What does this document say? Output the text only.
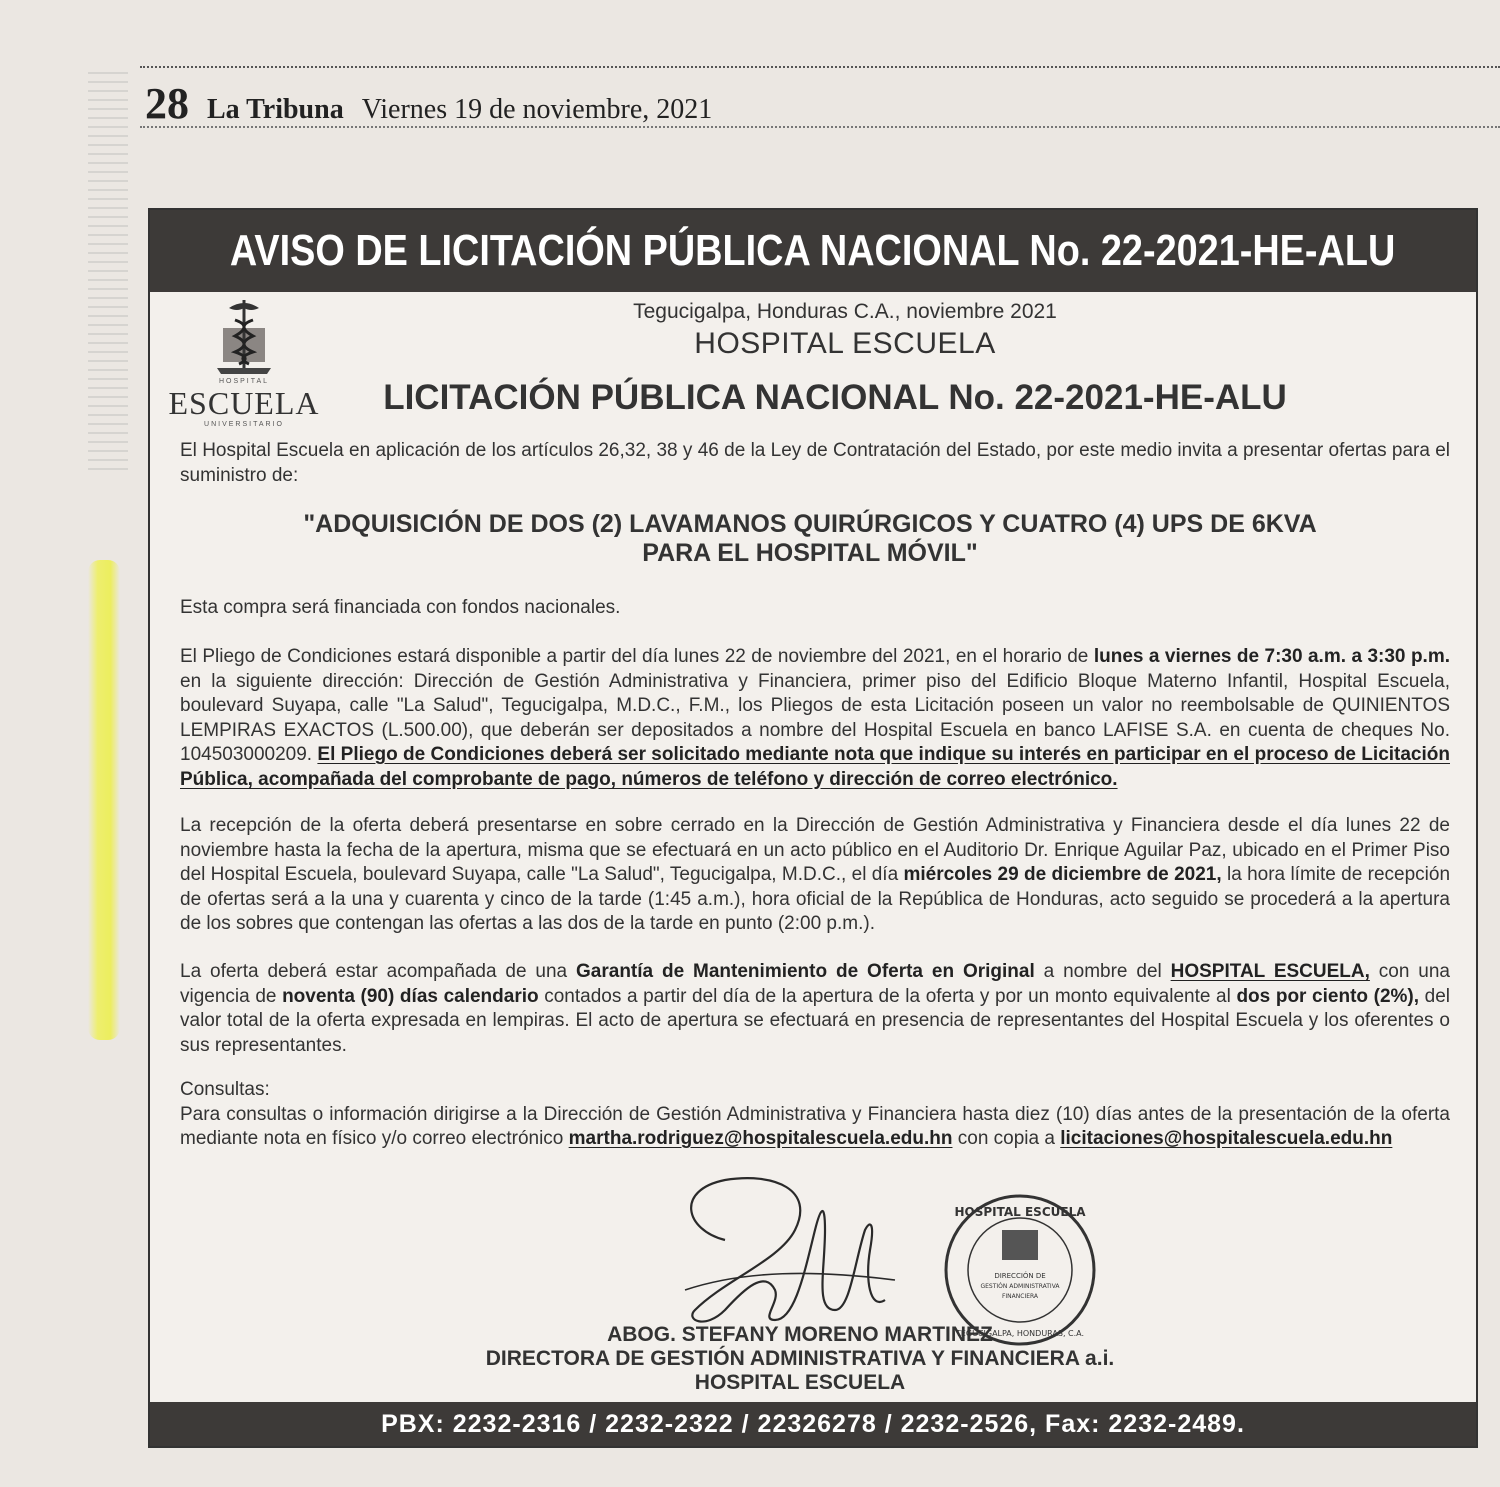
28 La Tribuna Viernes 19 de noviembre, 2021
AVISO DE LICITACIÓN PÚBLICA NACIONAL No. 22-2021-HE-ALU
HOSPITAL
ESCUELA
UNIVERSITARIO
Tegucigalpa, Honduras C.A., noviembre 2021
HOSPITAL ESCUELA
LICITACIÓN PÚBLICA NACIONAL No. 22-2021-HE-ALU
El Hospital Escuela en aplicación de los artículos 26,32, 38 y 46 de la Ley de Contratación del Estado, por este medio invita a presentar ofertas para el suministro de:
"ADQUISICIÓN DE DOS (2) LAVAMANOS QUIRÚRGICOS Y CUATRO (4) UPS DE 6KVA
PARA EL HOSPITAL MÓVIL"
Esta compra será financiada con fondos nacionales.
El Pliego de Condiciones estará disponible a partir del día lunes 22 de noviembre del 2021, en el horario de lunes a viernes de 7:30 a.m. a 3:30 p.m. en la siguiente dirección: Dirección de Gestión Administrativa y Financiera, primer piso del Edificio Bloque Materno Infantil, Hospital Escuela, boulevard Suyapa, calle "La Salud", Tegucigalpa, M.D.C., F.M., los Pliegos de esta Licitación poseen un valor no reembolsable de QUINIENTOS LEMPIRAS EXACTOS (L.500.00), que deberán ser depositados a nombre del Hospital Escuela en banco LAFISE S.A. en cuenta de cheques No. 104503000209. El Pliego de Condiciones deberá ser solicitado mediante nota que indique su interés en participar en el proceso de Licitación Pública, acompañada del comprobante de pago, números de teléfono y dirección de correo electrónico.
La recepción de la oferta deberá presentarse en sobre cerrado en la Dirección de Gestión Administrativa y Financiera desde el día lunes 22 de noviembre hasta la fecha de la apertura, misma que se efectuará en un acto público en el Auditorio Dr. Enrique Aguilar Paz, ubicado en el Primer Piso del Hospital Escuela, boulevard Suyapa, calle "La Salud", Tegucigalpa, M.D.C., el día miércoles 29 de diciembre de 2021, la hora límite de recepción de ofertas será a la una y cuarenta y cinco de la tarde (1:45 a.m.), hora oficial de la República de Honduras, acto seguido se procederá a la apertura de los sobres que contengan las ofertas a las dos de la tarde en punto (2:00 p.m.).
La oferta deberá estar acompañada de una Garantía de Mantenimiento de Oferta en Original a nombre del HOSPITAL ESCUELA, con una vigencia de noventa (90) días calendario contados a partir del día de la apertura de la oferta y por un monto equivalente al dos por ciento (2%), del valor total de la oferta expresada en lempiras. El acto de apertura se efectuará en presencia de representantes del Hospital Escuela y los oferentes o sus representantes.
Consultas:
Para consultas o información dirigirse a la Dirección de Gestión Administrativa y Financiera hasta diez (10) días antes de la presentación de la oferta mediante nota en físico y/o correo electrónico martha.rodriguez@hospitalescuela.edu.hn con copia a licitaciones@hospitalescuela.edu.hn
DIRECCIÓN DE
GESTIÓN ADMINISTRATIVA
FINANCIERA
HOSPITAL ESCUELA
TEGUCIGALPA, HONDURAS, C.A.
ABOG. STEFANY MORENO MARTINEZ
DIRECTORA DE GESTIÓN ADMINISTRATIVA Y FINANCIERA a.i.
HOSPITAL ESCUELA
PBX: 2232-2316 / 2232-2322 / 22326278 / 2232-2526, Fax: 2232-2489.
